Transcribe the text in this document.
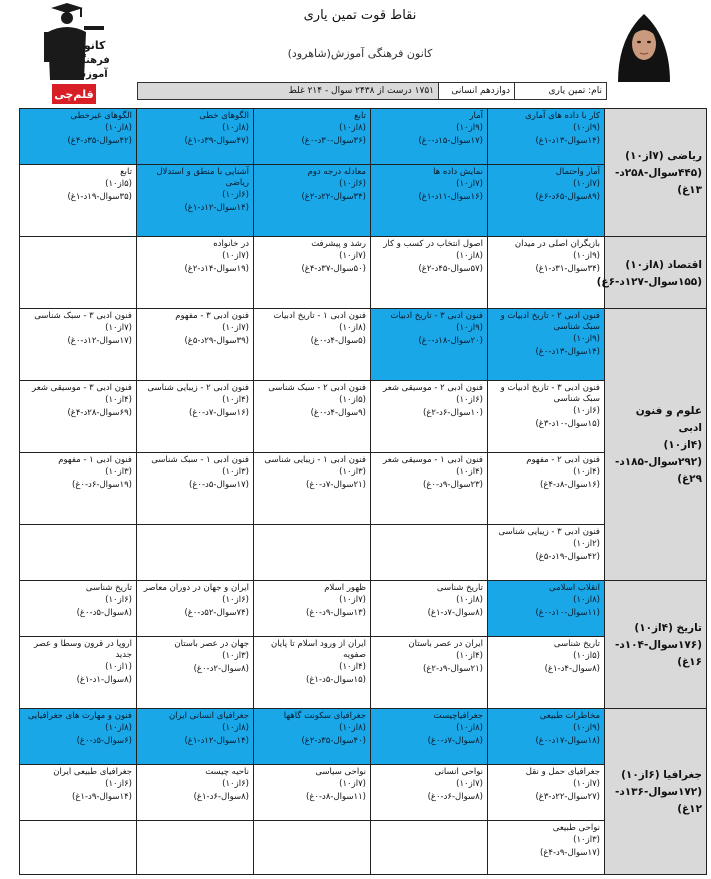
کانون
فرهنگی
آموزش
قلم‌چی
نقاط قوت تمین یاری
کانون فرهنگی آموزش(شاهرود)
نام: تمین یاری	دوازدهم انسانی	۱۷۵۱ درست از ۲۴۳۸ سوال - ۲۱۴ غلط
ریاضی (۷از۱۰)
(۴۴۵سوال-۲۵۸د-
۱۳غ)	کار با داده های آماری
(۹از۱۰)
(۱۴سوال-۱۳د-۱غ)	آمار
(۹از۱۰)
(۱۷سوال-۱۵د-۰غ)	تابع
(۸از۱۰)
(۳۶سوال-۳۰د-۰غ)	الگوهای خطی
(۸از۱۰)
(۴۷سوال-۳۹د-۱غ)	الگوهای غیرخطی
(۸از۱۰)
(۴۲سوال-۳۵د-۴غ)

	آمار واحتمال
(۷از۱۰)
(۸۹سوال-۶۵د-۶غ)	نمایش داده ها
(۷از۱۰)
(۱۶سوال-۱۱د-۱غ)	معادله درجه دوم
(۶از۱۰)
(۳۴سوال-۲۲د-۲غ)	آشنایی با منطق و استدلال ریاضی
(۶از۱۰)
(۱۴سوال-۱۲د-۱غ)	تابع
(۵از۱۰)
(۳۵سوال-۱۹د-۱غ)

اقتصاد (۸از۱۰)
(۱۵۵سوال-۱۲۷د-۶غ)	بازیگران اصلی در میدان
(۹از۱۰)
(۳۴سوال-۳۱د-۱غ)	اصول انتخاب در کسب و کار
(۸از۱۰)
(۵۷سوال-۴۵د-۲غ)	رشد و پیشرفت
(۷از۱۰)
(۵۰سوال-۳۷د-۴غ)	در خانواده
(۷از۱۰)
(۱۹سوال-۱۴د-۲غ)	

علوم و فنون ادبی
(۴از۱۰)
(۲۹۲سوال-۱۸۵د-
۲۹غ)	فنون ادبی ۲ - تاریخ ادبیات و سبک شناسی
(۹از۱۰)
(۱۴سوال-۱۳د-۰غ)	فنون ادبی ۳ - تاریخ ادبیات
(۹از۱۰)
(۲۰سوال-۱۸د-۰غ)	فنون ادبی ۱ - تاریخ ادبیات
(۸از۱۰)
(۵سوال-۴د-۰غ)	فنون ادبی ۳ - مفهوم
(۷از۱۰)
(۳۹سوال-۲۹د-۵غ)	فنون ادبی ۳ - سبک شناسی
(۷از۱۰)
(۱۷سوال-۱۲د-۰غ)

	فنون ادبی ۳ - تاریخ ادبیات و سبک شناسی
(۶از۱۰)
(۱۵سوال-۱۰د-۳غ)	فنون ادبی ۲ - موسیقی شعر
(۶از۱۰)
(۱۰سوال-۶د-۲غ)	فنون ادبی ۲ - سبک شناسی
(۵از۱۰)
(۹سوال-۴د-۰غ)	فنون ادبی ۲ - زیبایی شناسی
(۴از۱۰)
(۱۶سوال-۷د-۰غ)	فنون ادبی ۳ - موسیقی شعر
(۴از۱۰)
(۶۹سوال-۲۸د-۴غ)

	فنون ادبی ۲ - مفهوم
(۴از۱۰)
(۱۶سوال-۸د-۴غ)	فنون ادبی ۱ - موسیقی شعر
(۴از۱۰)
(۲۳سوال-۹د-۰غ)	فنون ادبی ۱ - زیبایی شناسی
(۳از۱۰)
(۲۱سوال-۷د-۰غ)	فنون ادبی ۱ - سبک شناسی
(۳از۱۰)
(۱۷سوال-۵د-۰غ)	فنون ادبی ۱ - مفهوم
(۳از۱۰)
(۱۹سوال-۶د-۰غ)

	فنون ادبی ۳ - زیبایی شناسی
(۲از۱۰)
(۴۲سوال-۱۹د-۵غ)				

تاریخ (۴از۱۰)
(۱۷۶سوال-۱۰۴د-
۱۶غ)	انقلاب اسلامی
(۸از۱۰)
(۱۱سوال-۱۰د-۰غ)	تاریخ شناسی
(۸از۱۰)
(۸سوال-۷د-۱غ)	ظهور اسلام
(۷از۱۰)
(۱۳سوال-۹د-۰غ)	ایران و جهان در دوران معاصر
(۶از۱۰)
(۷۴سوال-۵۲د-۰غ)	تاریخ شناسی
(۶از۱۰)
(۸سوال-۵د-۰غ)

	تاریخ شناسی
(۵از۱۰)
(۸سوال-۴د-۱غ)	ایران در عصر باستان
(۴از۱۰)
(۲۱سوال-۹د-۲غ)	ایران از ورود اسلام تا پایان صفویه
(۴از۱۰)
(۱۵سوال-۵د-۱غ)	جهان در عصر باستان
(۳از۱۰)
(۸سوال-۲د-۰غ)	اروپا در قرون وسطا و عصر جدید
(۱از۱۰)
(۸سوال-۱د-۱غ)

جغرافیا (۶از۱۰)
(۱۷۲سوال-۱۳۶د-
۱۲غ)	مخاطرات طبیعی
(۹از۱۰)
(۱۸سوال-۱۷د-۰غ)	جغرافیاچیست
(۸از۱۰)
(۸سوال-۷د-۰غ)	جغرافیای سکونت گاهها
(۸از۱۰)
(۴۰سوال-۳۵د-۲غ)	جغرافیای انسانی ایران
(۸از۱۰)
(۱۴سوال-۱۲د-۱غ)	فنون و مهارت های جغرافیایی
(۸از۱۰)
(۶سوال-۵د-۰غ)

	جغرافیای حمل و نقل
(۷از۱۰)
(۲۷سوال-۲۲د-۳غ)	نواحی انسانی
(۷از۱۰)
(۸سوال-۶د-۰غ)	نواحی سیاسی
(۷از۱۰)
(۱۱سوال-۸د-۰غ)	ناحیه چیست
(۶از۱۰)
(۸سوال-۶د-۱غ)	جغرافیای طبیعی ایران
(۶از۱۰)
(۱۴سوال-۹د-۱غ)

	نواحی طبیعی
(۳از۱۰)
(۱۷سوال-۹د-۴غ)				
